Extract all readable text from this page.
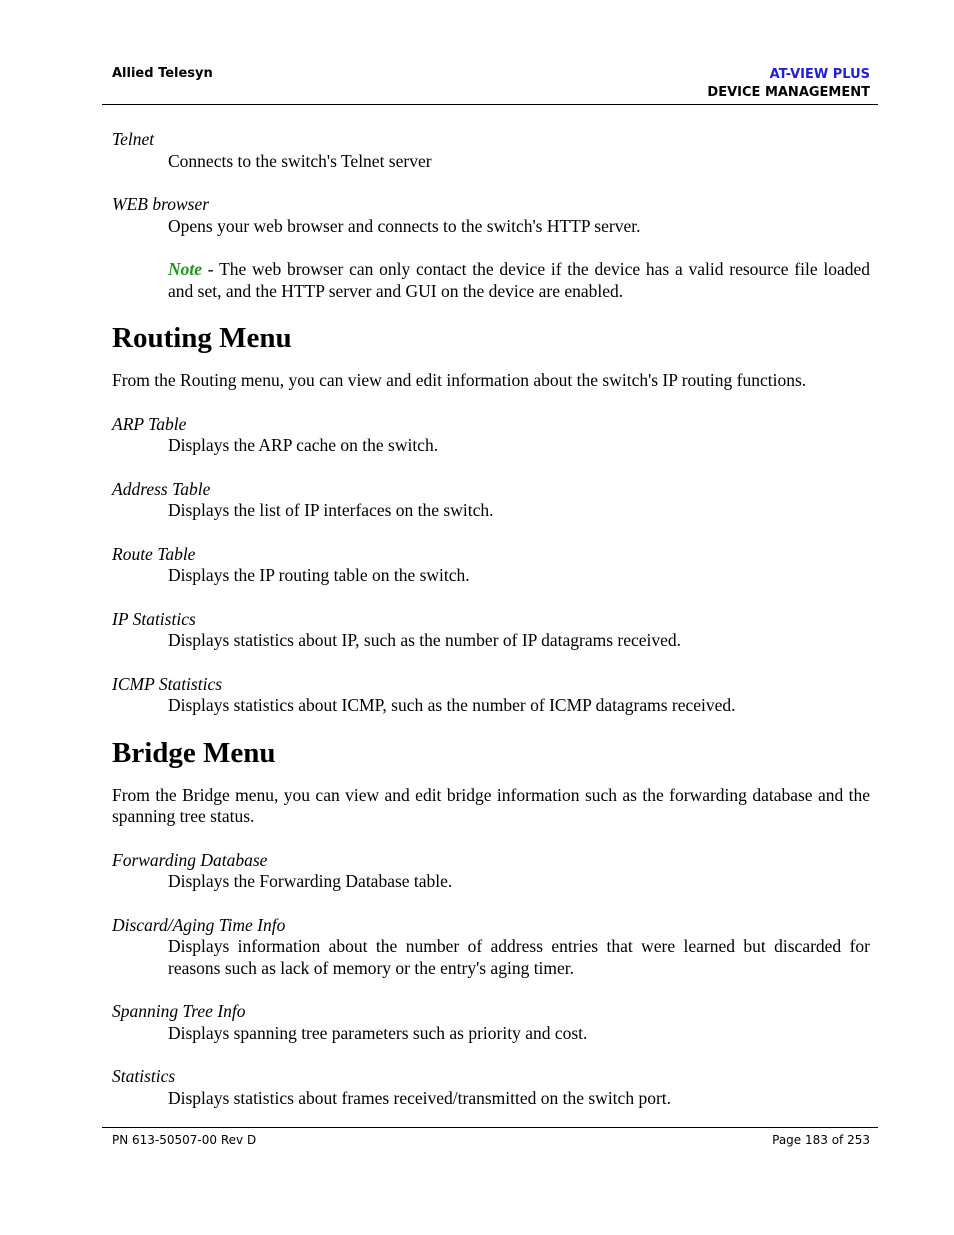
Allied Telesyn	AT-VIEW PLUS
DEVICE MANAGEMENT

Telnet

Connects to the switch's Telnet server

WEB browser

Opens your web browser and connects to the switch's HTTP server.

Note - The web browser can only contact the device if the device has a valid resource file loaded and set, and the HTTP server and GUI on the device are enabled.

Routing Menu

From the Routing menu, you can view and edit information about the switch's IP routing functions.

ARP Table

Displays the ARP cache on the switch.

Address Table

Displays the list of IP interfaces on the switch.

Route Table

Displays the IP routing table on the switch.

IP Statistics

Displays statistics about IP, such as the number of IP datagrams received.

ICMP Statistics

Displays statistics about ICMP, such as the number of ICMP datagrams received.

Bridge Menu

From the Bridge menu, you can view and edit bridge information such as the forwarding database and the spanning tree status.

Forwarding Database

Displays the Forwarding Database table.

Discard/Aging Time Info

Displays information about the number of address entries that were learned but discarded for reasons such as lack of memory or the entry's aging timer.

Spanning Tree Info

Displays spanning tree parameters such as priority and cost.

Statistics

Displays statistics about frames received/transmitted on the switch port.

PN 613-50507-00 Rev D	Page 183 of 253
